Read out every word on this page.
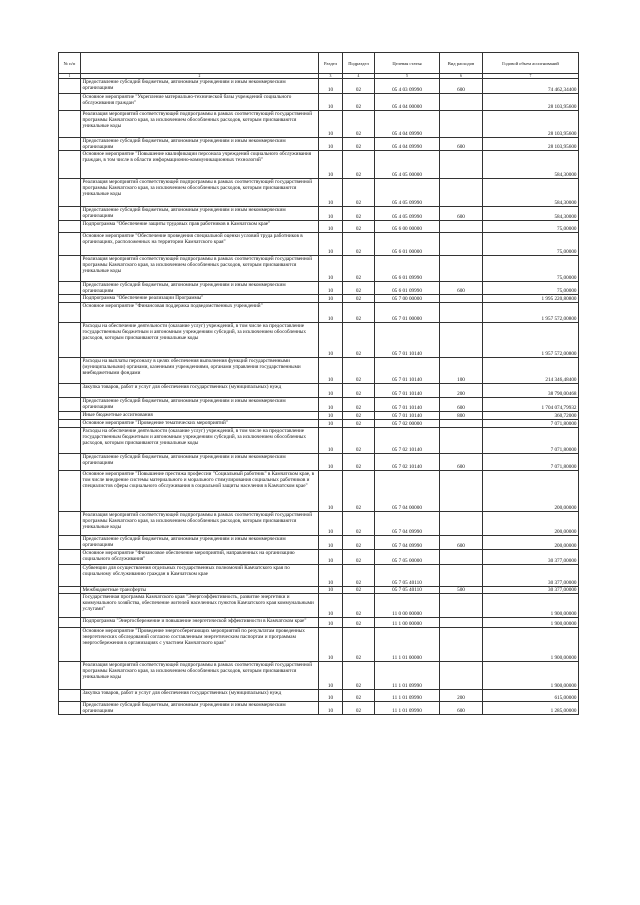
№ п/п		Раздел	Подраздел	Целевая статья	Вид расходов	Годовой объем ассигнований
1	2	3	4	5	6	7
	Предоставление субсидий бюджетным, автономным учреждениям и иным некоммерческим организациям	10	02	05 4 03 09990	600	74 462,34400
	Основное мероприятие "Укрепление материально-технической базы учреждений социального обслуживания граждан"	10	02	05 4 04 00000		28 103,95600
	Реализация мероприятий соответствующей подпрограммы в рамках соответствующей государственной программы Камчатского края, за исключением обособленных расходов, которым присваиваются уникальные коды	10	02	05 4 04 09990		28 103,95600
	Предоставление субсидий бюджетным, автономным учреждениям и иным некоммерческим организациям	10	02	05 4 04 09990	600	28 103,95600
	Основное мероприятие "Повышение квалификации персонала учреждений социального обслуживания граждан, в том числе в области информационно-коммуникационных технологий"	10	02	05 4 05 00000		584,30000
	Реализация мероприятий соответствующей подпрограммы в рамках соответствующей государственной программы Камчатского края, за исключением обособленных расходов, которым присваиваются уникальные коды	10	02	05 4 05 09990		584,30000
	Предоставление субсидий бюджетным, автономным учреждениям и иным некоммерческим организациям	10	02	05 4 05 09990	600	584,30000
	Подпрограмма "Обеспечение защиты трудовых прав работников в Камчатском крае"	10	02	05 6 00 00000		75,00000
	Основное мероприятие "Обеспечение проведения специальной оценки условий труда работников в организациях, расположенных на территории Камчатского края"	10	02	05 6 01 00000		75,00000
	Реализация мероприятий соответствующей подпрограммы в рамках соответствующей государственной программы Камчатского края, за исключением обособленных расходов, которым присваиваются уникальные коды	10	02	05 6 01 09990		75,00000
	Предоставление субсидий бюджетным, автономным учреждениям и иным некоммерческим организациям	10	02	05 6 01 09990	600	75,00000
	Подпрограмма "Обеспечение реализации Программы"	10	02	05 7 00 00000		1 995 220,80800
	Основное мероприятие "Финансовая поддержка подведомственных учреждений"	10	02	05 7 01 00000		1 957 572,00800
	Расходы на обеспечение деятельности (оказание услуг) учреждений, в том числе на предоставление государственным бюджетным и автономным учреждениям субсидий, за исключением обособленных расходов, которым присваиваются уникальные коды	10	02	05 7 01 10140		1 957 572,00800
	Расходы на выплаты персоналу в целях обеспечения выполнения функций государственными (муниципальными) органами, казенными учреждениями, органами управления государственными внебюджетными фондами	10	02	05 7 01 10140	100	214 346,48400
	Закупка товаров, работ и услуг для обеспечения государственных (муниципальных) нужд	10	02	05 7 01 10140	200	38 790,00468
	Предоставление субсидий бюджетным, автономным учреждениям и иным некоммерческим организациям	10	02	05 7 01 10140	600	1 704 074,79932
	Иные бюджетные ассигнования	10	02	05 7 01 10140	800	360,72000
	Основное мероприятие "Проведение тематических мероприятий"	10	02	05 7 02 00000		7 071,80000
	Расходы на обеспечение деятельности (оказание услуг) учреждений, в том числе на предоставление государственным бюджетным и автономным учреждениям субсидий, за исключением обособленных расходов, которым присваиваются уникальные коды	10	02	05 7 02 10140		7 071,80000
	Предоставление субсидий бюджетным, автономным учреждениям и иным некоммерческим организациям	10	02	05 7 02 10140	600	7 071,80000
	Основное мероприятие "Повышение престижа профессии "Социальный работник" в Камчатском крае, в том числе внедрение системы материального и морального стимулирования социальных работников и специалистов сферы социального обслуживания в социальной защиты населения в Камчатском крае"	10	02	05 7 04 00000		200,00000
	Реализация мероприятий соответствующей подпрограммы в рамках соответствующей государственной программы Камчатского края, за исключением обособленных расходов, которым присваиваются уникальные коды	10	02	05 7 04 09990		200,00000
	Предоставление субсидий бюджетным, автономным учреждениям и иным некоммерческим организациям	10	02	05 7 04 09990	600	200,00000
	Основное мероприятие "Финансовое обеспечение мероприятий, направленных на организацию социального обслуживания"	10	02	05 7 05 00000		30 377,00000
	Субвенции для осуществления отдельных государственных полномочий Камчатского края по социальному обслуживанию граждан в Камчатском крае	10	02	05 7 05 40110		30 377,00000
	Межбюджетные трансферты	10	02	05 7 05 40110	500	30 377,00000
	Государственная программа Камчатского края "Энергоэффективность, развитие энергетики и коммунального хозяйства, обеспечение жителей населенных пунктов Камчатского края коммунальными услугами"	10	02	11 0 00 00000		1 900,00000
	Подпрограмма "Энергосбережение и повышение энергетической эффективности в Камчатском крае"	10	02	11 1 00 00000		1 900,00000
	Основное мероприятие "Проведение энергосберегающих мероприятий по результатам проведенных энергетических обследований согласно составленным энергетическим паспортам и программам энергосбережения в организациях с участием Камчатского края"	10	02	11 1 01 00000		1 900,00000
	Реализация мероприятий соответствующей подпрограммы в рамках соответствующей государственной программы Камчатского края, за исключением обособленных расходов, которым присваиваются уникальные коды	10	02	11 1 01 09990		1 900,00000
	Закупка товаров, работ и услуг для обеспечения государственных (муниципальных) нужд	10	02	11 1 01 09990	200	615,00000
	Предоставление субсидий бюджетным, автономным учреждениям и иным некоммерческим организациям	10	02	11 1 01 09990	600	1 285,00000
